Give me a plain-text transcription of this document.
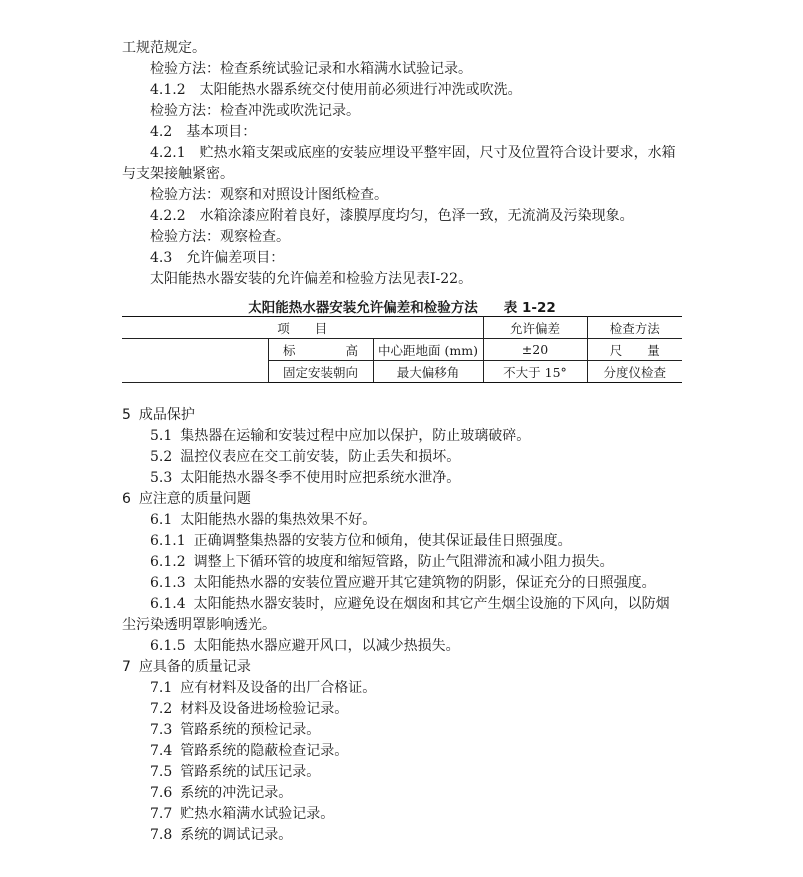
工规范规定。
检验方法：检查系统试验记录和水箱满水试验记录。
4.1.2　太阳能热水器系统交付使用前必须进行冲洗或吹洗。
检验方法：检查冲洗或吹洗记录。
4.2　基本项目：
4.2.1　贮热水箱支架或底座的安装应埋设平整牢固，尺寸及位置符合设计要求，水箱
与支架接触紧密。
检验方法：观察和对照设计图纸检查。
4.2.2　水箱涂漆应附着良好，漆膜厚度均匀，色泽一致，无流淌及污染现象。
检验方法：观察检查。
4.3　允许偏差项目：
太阳能热水器安装的允许偏差和检验方法见表Ⅰ-22。
太阳能热水器安装允许偏差和检验方法 表 1-22
项　　目			允许偏差	检查方法
	标　　　　高	中心距地面 (mm)	±20	尺　　量
	固定安装朝向	最大偏移角	不大于 15°	分度仪检查
5 成品保护
5.1 集热器在运输和安装过程中应加以保护，防止玻璃破碎。
5.2 温控仪表应在交工前安装，防止丢失和损坏。
5.3 太阳能热水器冬季不使用时应把系统水泄净。
6 应注意的质量问题
6.1 太阳能热水器的集热效果不好。
6.1.1 正确调整集热器的安装方位和倾角，使其保证最佳日照强度。
6.1.2 调整上下循环管的坡度和缩短管路，防止气阻滞流和减小阻力损失。
6.1.3 太阳能热水器的安装位置应避开其它建筑物的阴影，保证充分的日照强度。
6.1.4 太阳能热水器安装时，应避免设在烟囱和其它产生烟尘设施的下风向，以防烟
尘污染透明罩影响透光。
6.1.5 太阳能热水器应避开风口，以减少热损失。
7 应具备的质量记录
7.1 应有材料及设备的出厂合格证。
7.2 材料及设备进场检验记录。
7.3 管路系统的预检记录。
7.4 管路系统的隐蔽检查记录。
7.5 管路系统的试压记录。
7.6 系统的冲洗记录。
7.7 贮热水箱满水试验记录。
7.8 系统的调试记录。
